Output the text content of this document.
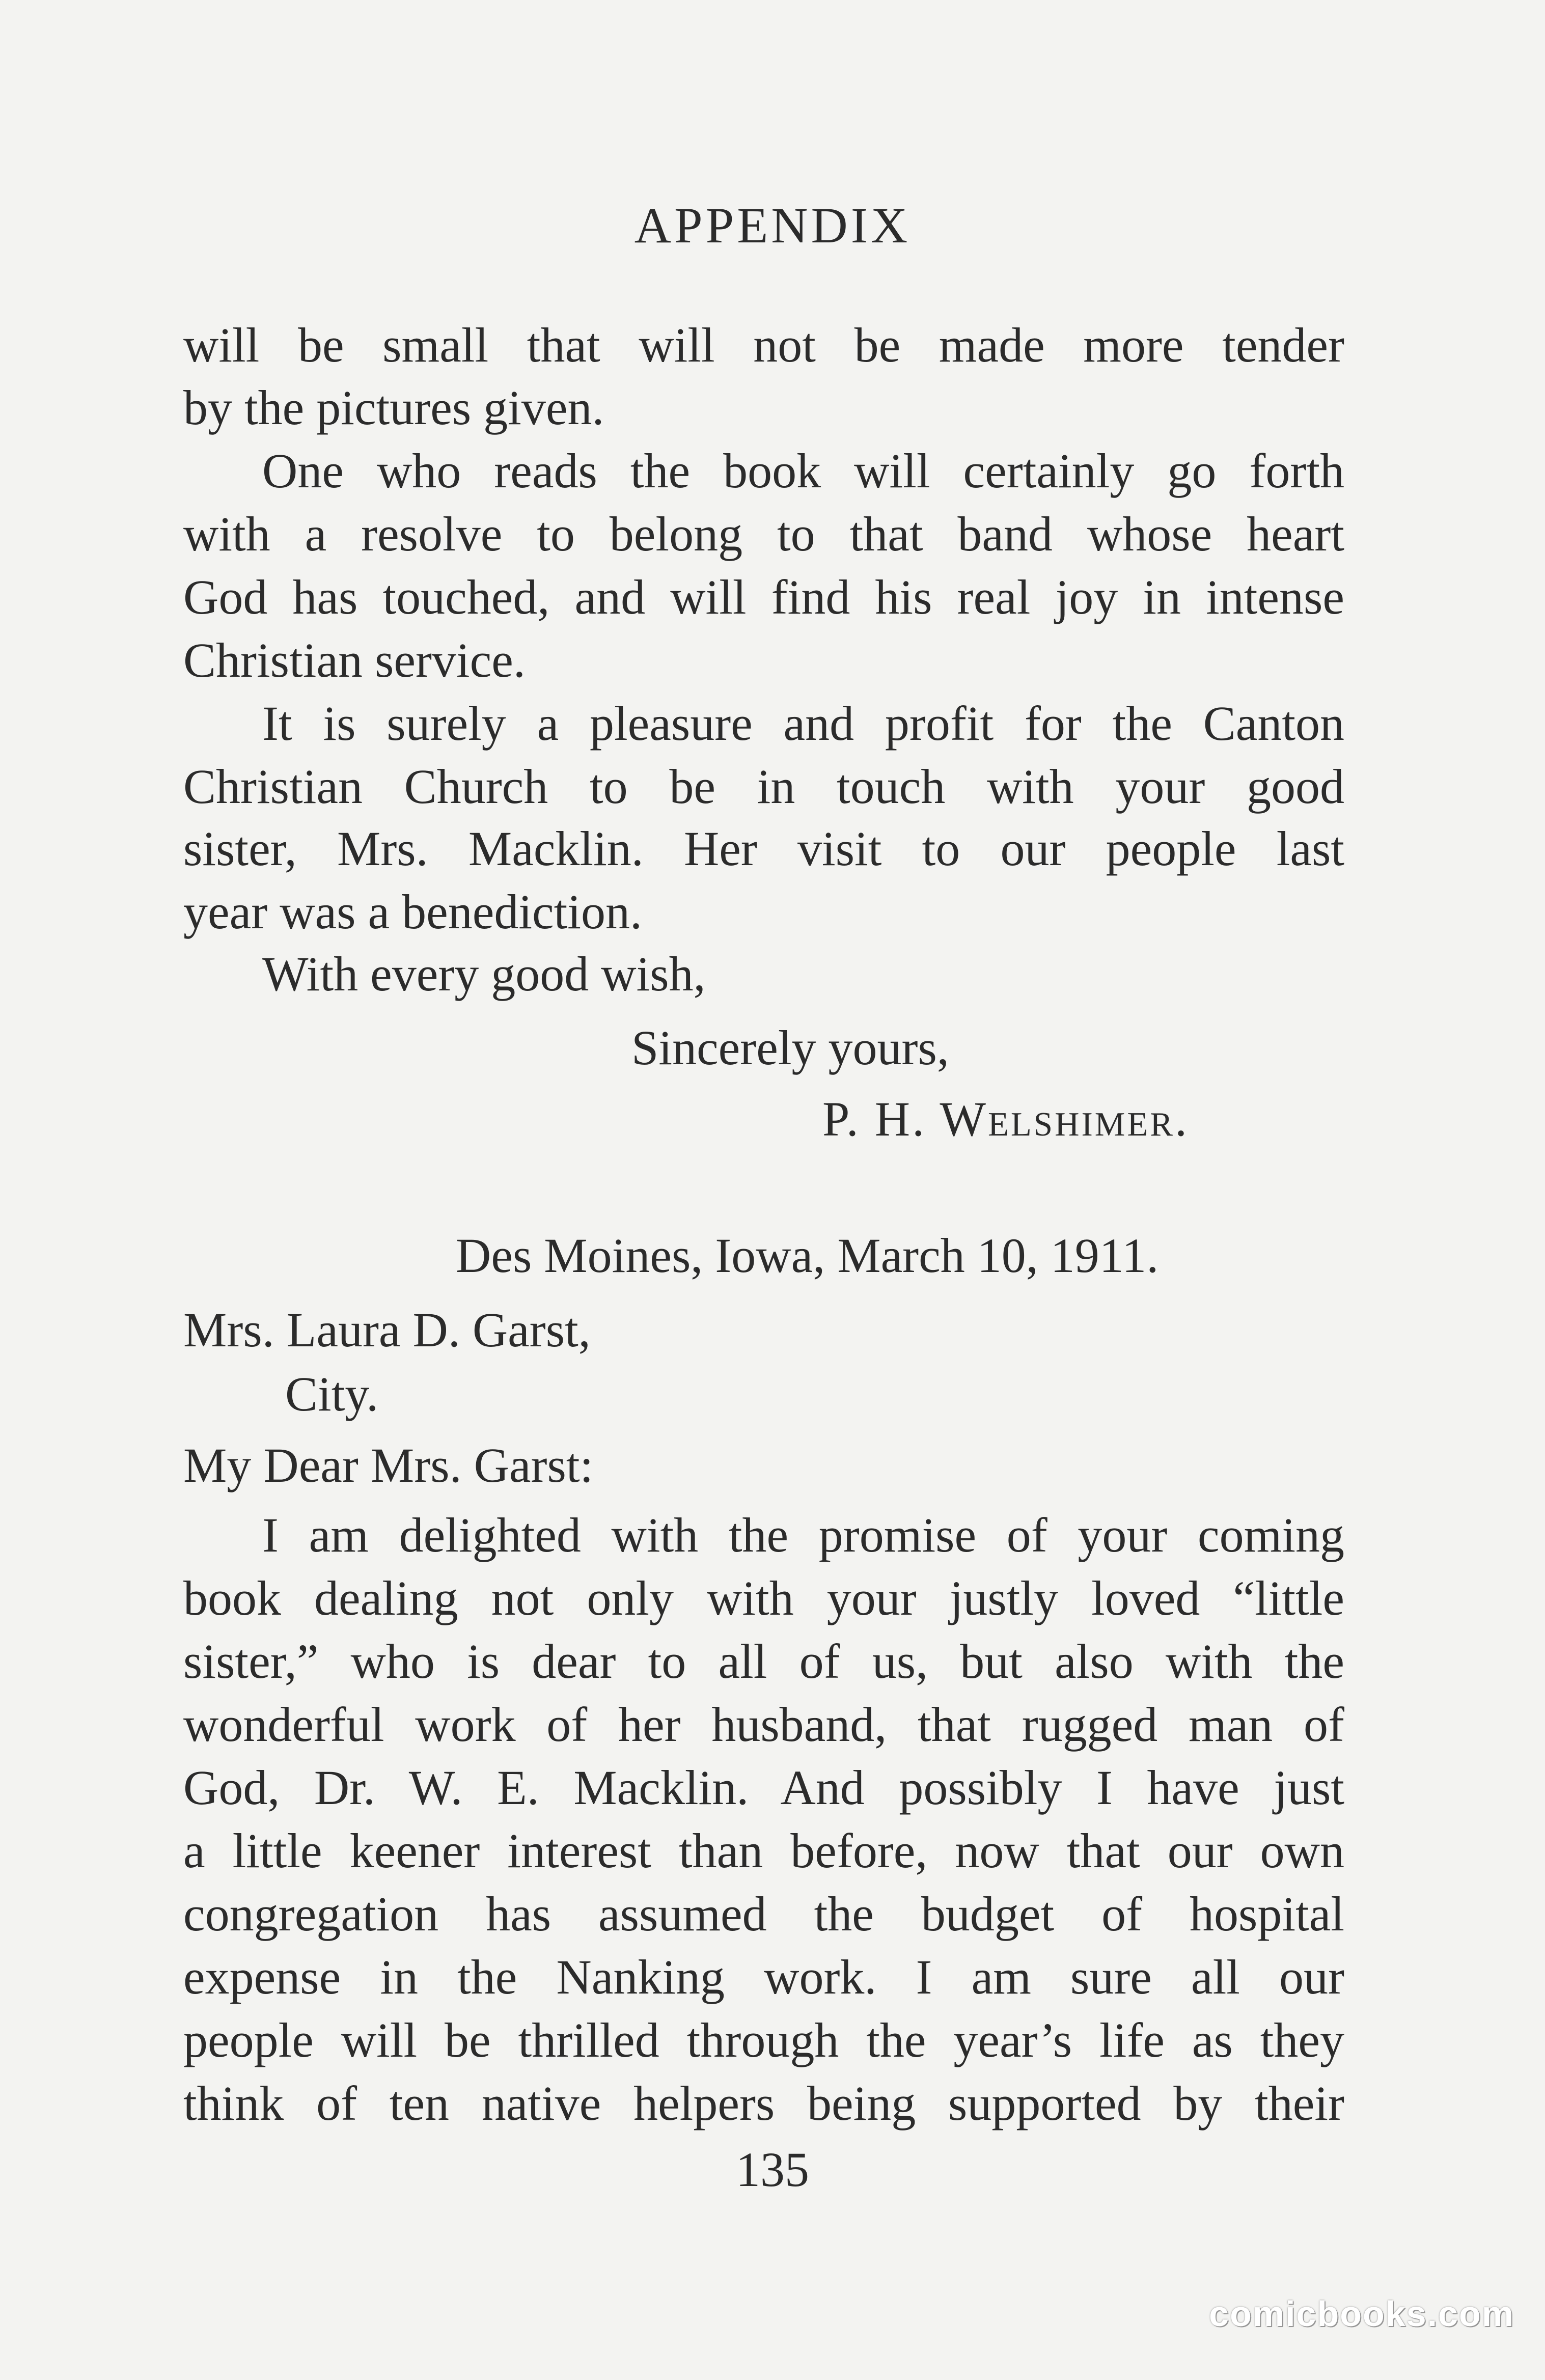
APPENDIX
will be small that will not be made more tender
by the pictures given.
One who reads the book will certainly go forth
with a resolve to belong to that band whose heart
God has touched, and will find his real joy in intense
Christian service.
It is surely a pleasure and profit for the Canton
Christian Church to be in touch with your good
sister, Mrs. Macklin. Her visit to our people last
year was a benediction.
With every good wish,
Sincerely yours,
P. H. Welshimer.
Des Moines, Iowa, March 10, 1911.
Mrs. Laura D. Garst,
City.
My Dear Mrs. Garst:
I am delighted with the promise of your coming
book dealing not only with your justly loved “little
sister,” who is dear to all of us, but also with the
wonderful work of her husband, that rugged man of
God, Dr. W. E. Macklin. And possibly I have just
a little keener interest than before, now that our own
congregation has assumed the budget of hospital
expense in the Nanking work. I am sure all our
people will be thrilled through the year’s life as they
think of ten native helpers being supported by their
135
comicbooks.com
